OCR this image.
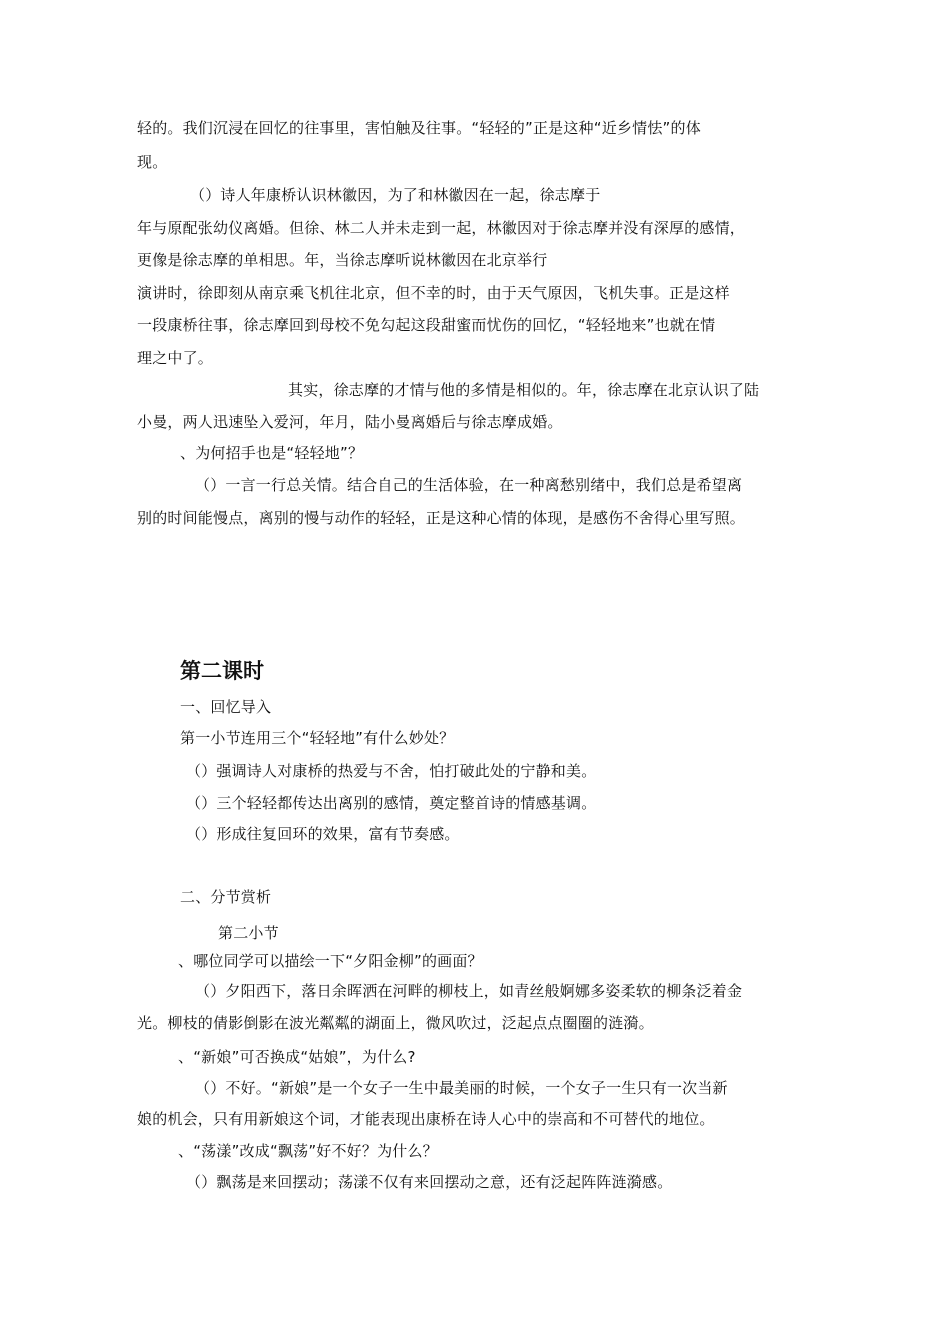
轻的。我们沉浸在回忆的往事里，害怕触及往事。“轻轻的”正是这种“近乡情怯”的体

现。

（）诗人年康桥认识林徽因，为了和林徽因在一起，徐志摩于

年与原配张幼仪离婚。但徐、林二人并未走到一起，林徽因对于徐志摩并没有深厚的感情，

更像是徐志摩的单相思。年，当徐志摩听说林徽因在北京举行

演讲时，徐即刻从南京乘飞机往北京，但不幸的时，由于天气原因，飞机失事。正是这样

一段康桥往事，徐志摩回到母校不免勾起这段甜蜜而忧伤的回忆，“轻轻地来”也就在情

理之中了。

其实，徐志摩的才情与他的多情是相似的。年，徐志摩在北京认识了陆

小曼，两人迅速坠入爱河，年月，陆小曼离婚后与徐志摩成婚。

、为何招手也是“轻轻地”？

（）一言一行总关情。结合自己的生活体验，在一种离愁别绪中，我们总是希望离

别的时间能慢点，离别的慢与动作的轻轻，正是这种心情的体现，是感伤不舍得心里写照。

第二课时

一、回忆导入

第一小节连用三个“轻轻地”有什么妙处？

（）强调诗人对康桥的热爱与不舍，怕打破此处的宁静和美。

（）三个轻轻都传达出离别的感情，奠定整首诗的情感基调。

（）形成往复回环的效果，富有节奏感。

二、分节赏析

第二小节

、哪位同学可以描绘一下“夕阳金柳”的画面？

（）夕阳西下，落日余晖洒在河畔的柳枝上，如青丝般婀娜多姿柔软的柳条泛着金

光。柳枝的倩影倒影在波光粼粼的湖面上，微风吹过，泛起点点圈圈的涟漪。

、“新娘”可否换成“姑娘”，为什么?

（）不好。“新娘”是一个女子一生中最美丽的时候，一个女子一生只有一次当新

娘的机会，只有用新娘这个词，才能表现出康桥在诗人心中的崇高和不可替代的地位。

、“荡漾”改成“飘荡”好不好？为什么？

（）飘荡是来回摆动；荡漾不仅有来回摆动之意，还有泛起阵阵涟漪感。
